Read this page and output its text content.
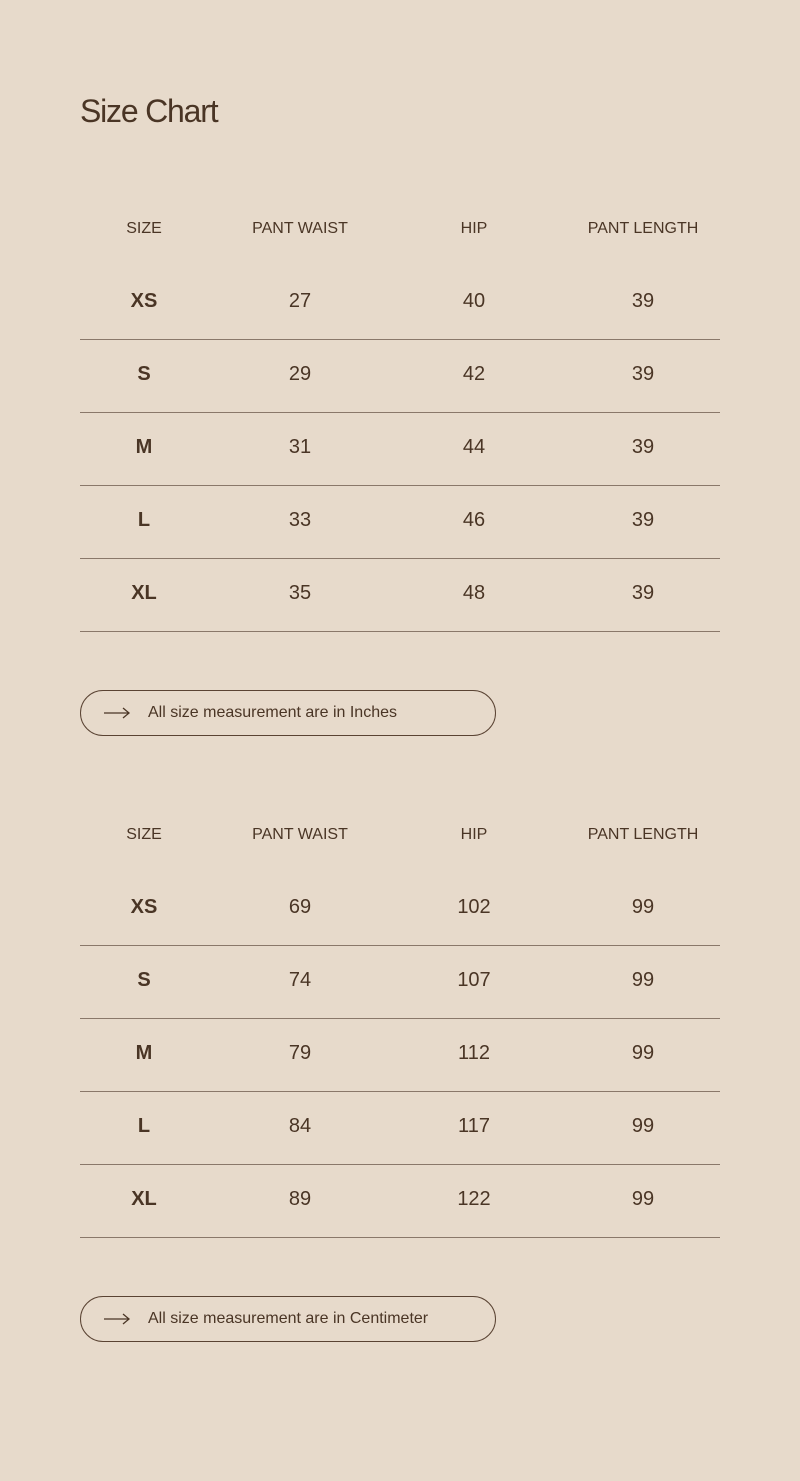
Size Chart
SIZE	PANT WAIST	HIP	PANT LENGTH
XS	27	40	39
S	29	42	39
M	31	44	39
L	33	46	39
XL	35	48	39
All size measurement are in Inches
SIZE	PANT WAIST	HIP	PANT LENGTH
XS	69	102	99
S	74	107	99
M	79	112	99
L	84	117	99
XL	89	122	99
All size measurement are in Centimeter
